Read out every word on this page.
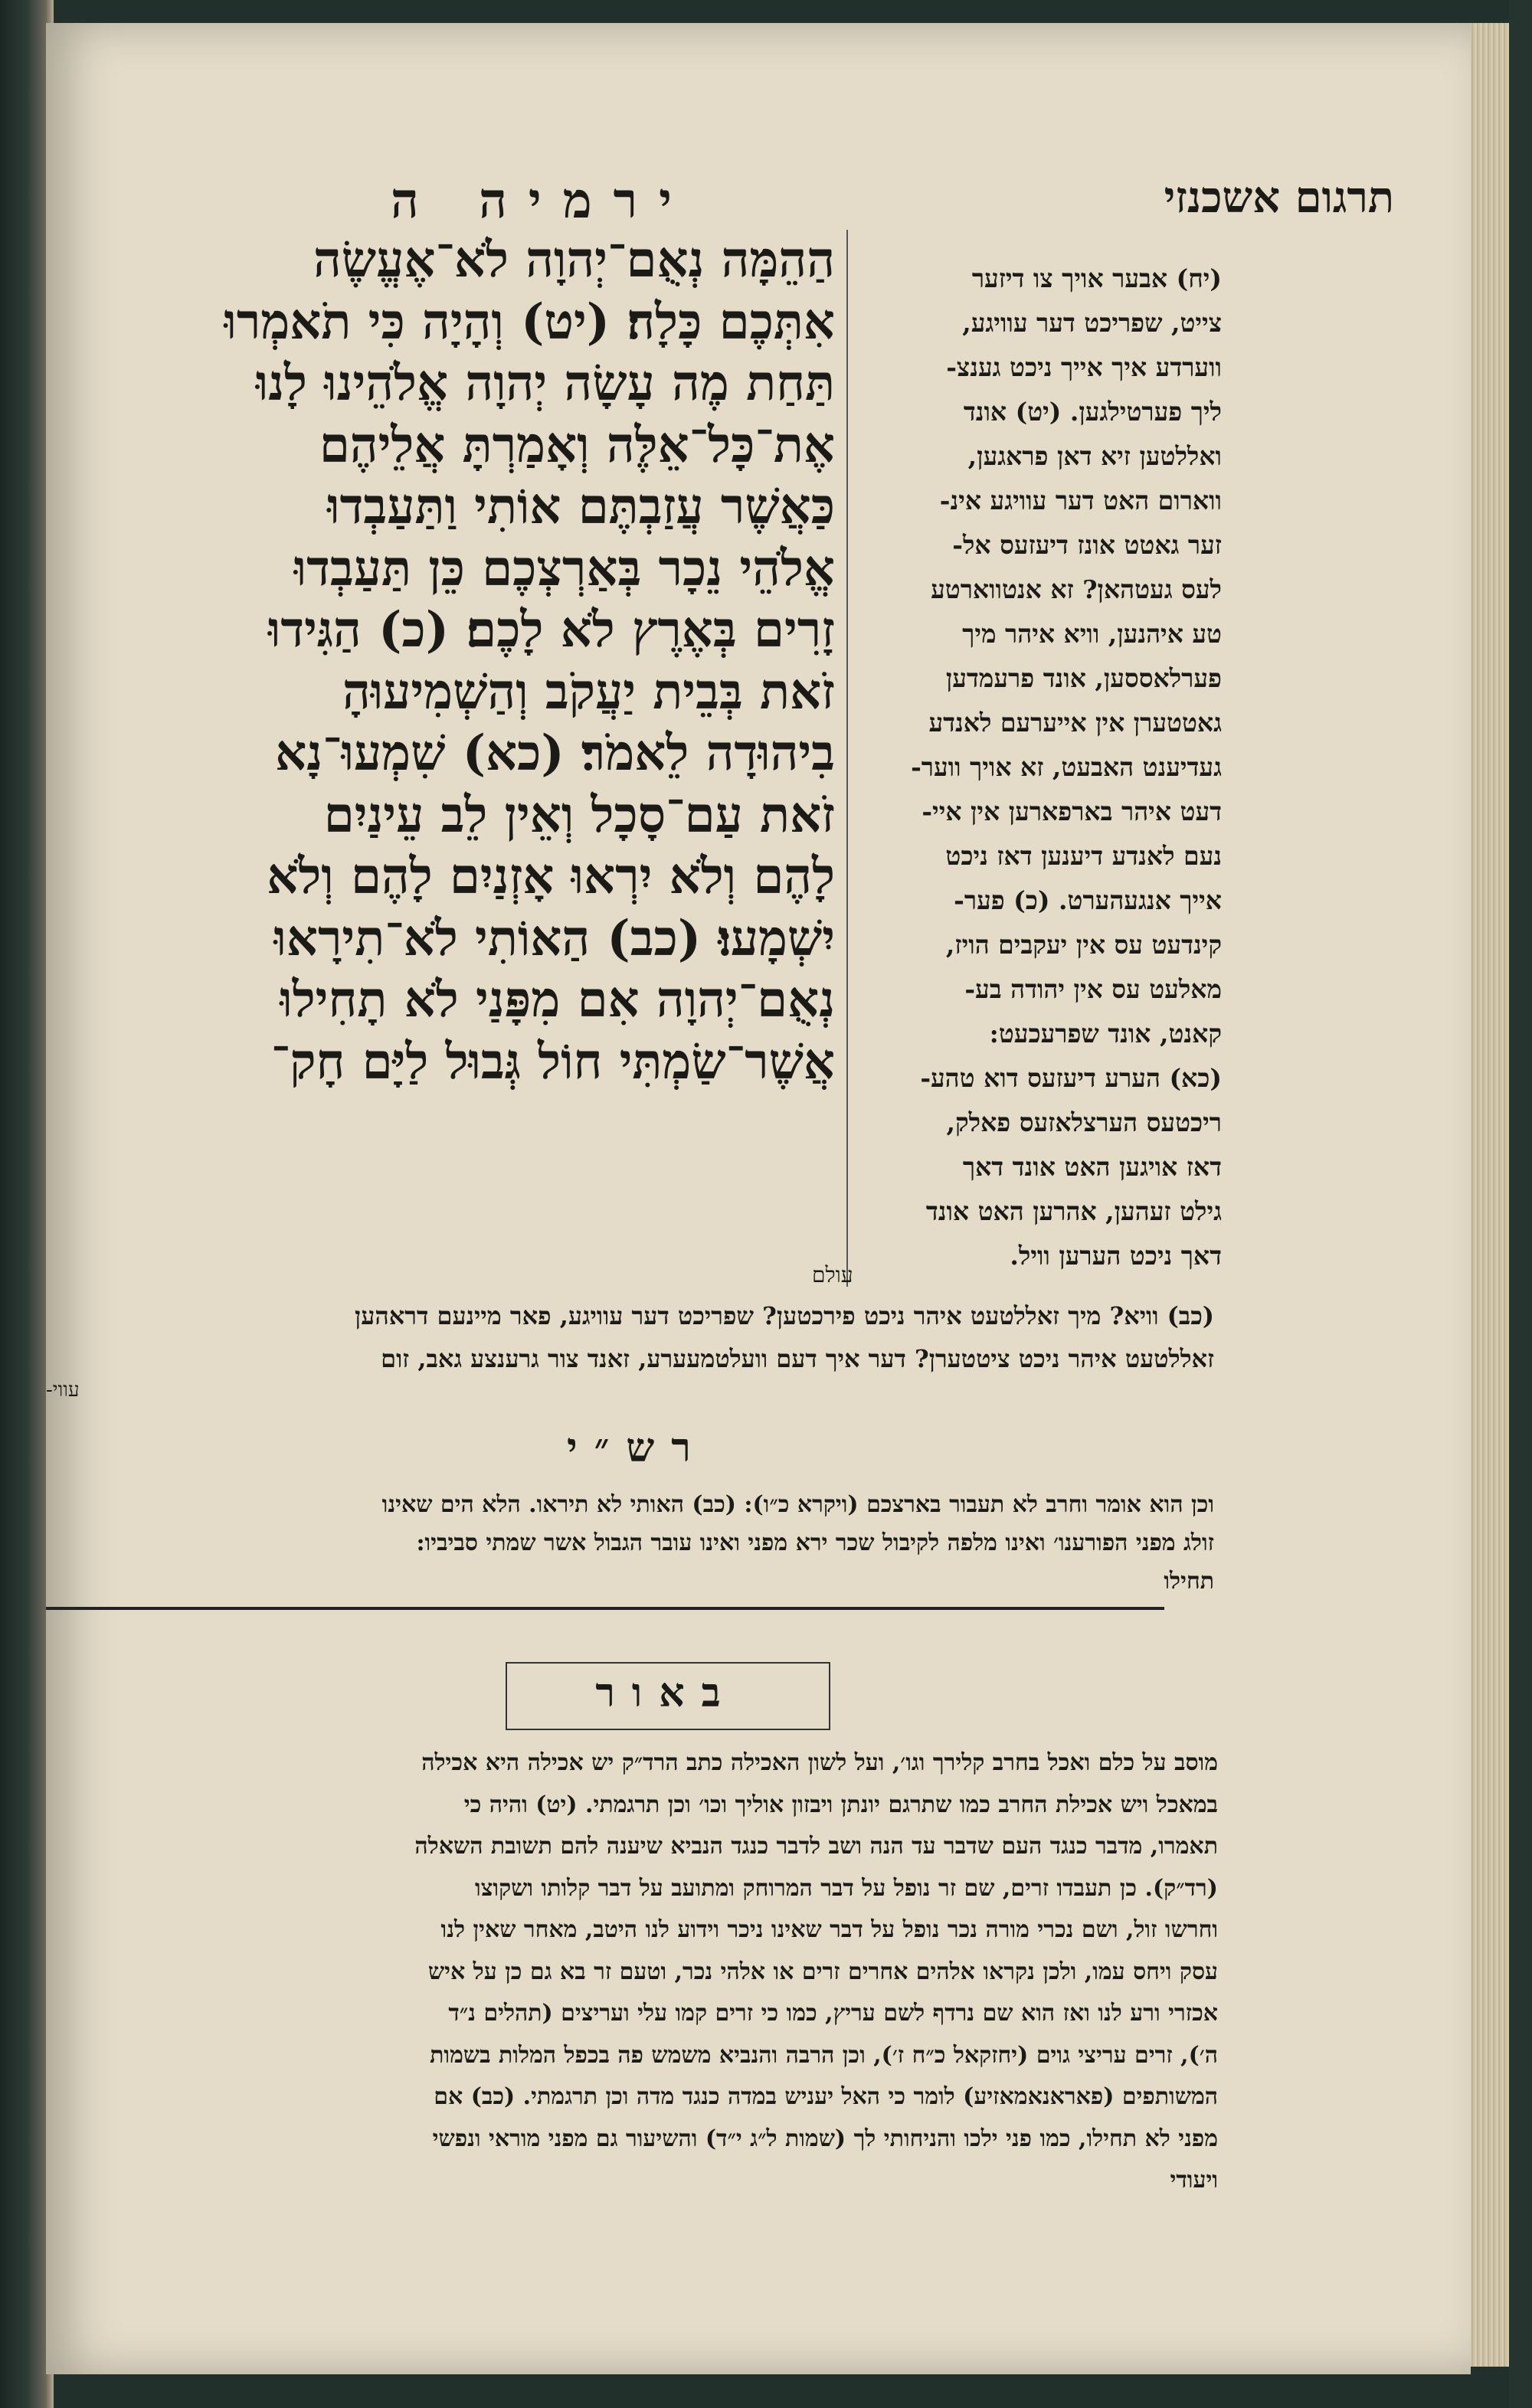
ירמיה ה	תרגום אשכנזי

הַהֵמָּה נְאֻם־יְהוָה לֹא־אֶעֱשֶׂה

אִתְּכֶם כָּלָה׃ (יט) וְהָיָה כִּי תֹאמְרוּ

תַּחַת מֶה עָשָׂה יְהוָה אֱלֹהֵינוּ לָנוּ

אֶת־כָּל־אֵלֶּה וְאָמַרְתָּ אֲלֵיהֶם

כַּאֲשֶׁר עֲזַבְתֶּם אוֹתִי וַתַּעַבְדוּ

אֱלֹהֵי נֵכָר בְּאַרְצְכֶם כֵּן תַּעַבְדוּ

זָרִים בְּאֶרֶץ לֹא לָכֶם׃ (כ) הַגִּידוּ

זֹאת בְּבֵית יַעֲקֹב וְהַשְׁמִיעוּהָ

בִיהוּדָה לֵאמֹר׃ (כא) שִׁמְעוּ־נָא

זֹאת עַם־סָכָל וְאֵין לֵב עֵינַיִם

לָהֶם וְלֹא יִרְאוּ אָזְנַיִם לָהֶם וְלֹא

יִשְׁמָעוּ׃ (כב) הַאוֹתִי לֹא־תִירָאוּ

נְאֻם־יְהוָה אִם מִפָּנַי לֹא תָחִילוּ

אֲשֶׁר־שַׂמְתִּי חוֹל גְּבוּל לַיָּם חָק־

(יח) אבער אויך צו דיזער

צייט, שפריכט דער עוויגע,

ווערדע איך אייך ניכט גענצ-

ליך פערטילגען. (יט) אונד

ואללטען זיא דאן פראגען,

ווארום האט דער עוויגע אינ-

זער גאטט אונז דיעזעס אל-

לעס געטהאן? זא אנטווארטע

טע איהנען, וויא איהר מיך

פערלאססען, אונד פרעמדען

גאטטערן אין אייערעם לאנדע

געדיענט האבעט, זא אויך ווער-

דעט איהר בארפארען אין איי-

נעם לאנדע דיענען דאז ניכט

אייך אנגעהערט. (כ) פער-

קינדעט עס אין יעקבים הויז,

מאלעט עס אין יהודה בע-

קאנט, אונד שפרעכעט:

(כא) הערע דיעזעס דוא טהע-

ריכטעס הערצלאזעס פאלק,

דאז אויגען האט אונד דאך

גילט זעהען, אהרען האט אונד

דאך ניכט הערען וויל.

עולם

(כב) וויא? מיך זאללטעט איהר ניכט פירכטען? שפריכט דער עוויגע, פאר מיינעם דראהען

זאללטעט איהר ניכט ציטטערן? דער איך דעם וועלטמעערע, זאנד צור גרענצע גאב, זום

עווי-
רש״י

וכן הוא אומר וחרב לא תעבור בארצכם (ויקרא כ״ו): (כב) האותי לא תיראו. הלא הים שאינו

זולג מפני הפורענו׳ ואינו מלפה לקיבול שכר ירא מפני ואינו עובר הגבול אשר שמתי סביביו:

תחילו

באור

מוסב על כלם ואכל בחרב קלירך וגו׳, ועל לשון האכילה כתב הרד״ק יש אכילה היא אכילה

במאכל ויש אכילת החרב כמו שתרגם יונתן ויבזון אוליך וכו׳ וכן תרגמתי. (יט) והיה כי

תאמרו, מדבר כנגד העם שדבר עד הנה ושב לדבר כנגד הנביא שיענה להם תשובת השאלה

(רד״ק). כן תעבדו זרים, שם זר נופל על דבר המרוחק ומתועב על דבר קלותו ושקוצו

וחרשו זול, ושם נכרי מורה נכר נופל על דבר שאינו ניכר וידוע לנו היטב, מאחר שאין לנו

עסק ויחס עמו, ולכן נקראו אלהים אחרים זרים או אלהי נכר, וטעם זר בא גם כן על איש

אכזרי ורע לנו ואז הוא שם נרדף לשם עריץ, כמו כי זרים קמו עלי ועריצים (תהלים נ״ד

ה׳), זרים עריצי גוים (יחזקאל כ״ח ז׳), וכן הרבה והנביא משמש פה בכפל המלות בשמות

המשותפים (פאראנאמאזיע) לומר כי האל יעניש במדה כנגד מדה וכן תרגמתי. (כב) אם

מפני לא תחילו, כמו פני ילכו והניחותי לך (שמות ל״ג י״ד) והשיעור גם מפני מוראי ונפשי

ויעודי
